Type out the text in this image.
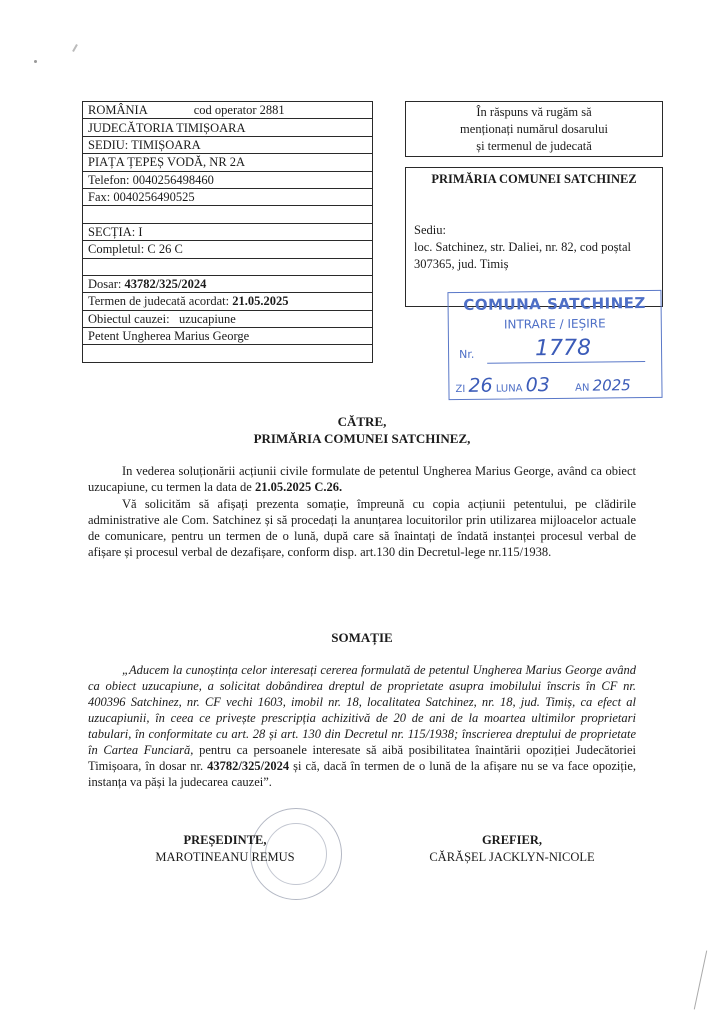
ROMÂNIA	cod operator 2881
JUDECĂTORIA TIMIȘOARA
SEDIU: TIMIȘOARA
PIAȚA ȚEPEȘ VODĂ, NR 2A
Telefon: 0040256498460
Fax: 0040256490525

SECȚIA: I
Completul: C 26 C

Dosar: 43782/325/2024
Termen de judecată acordat: 21.05.2025
Obiectul cauzei: uzucapiune
Petent Ungherea Marius George

În răspuns vă rugăm să
menționați numărul dosarului
și termenul de judecată
PRIMĂRIA COMUNEI SATCHINEZ
Sediu:
loc. Satchinez, str. Daliei, nr. 82, cod poștal
307365, jud. Timiș
COMUNA SATCHINEZ
INTRARE / IEȘIRE
Nr.	1778
ZI 26 LUNA 03	AN 2025
CĂTRE,
PRIMĂRIA COMUNEI SATCHINEZ,
In vederea soluționării acțiunii civile formulate de petentul Ungherea Marius George, având ca obiect uzucapiune, cu termen la data de 21.05.2025 C.26.
Vă solicităm să afișați prezenta somație, împreună cu copia acțiunii petentului, pe clădirile administrative ale Com. Satchinez și să procedați la anunțarea locuitorilor prin utilizarea mijloacelor actuale de comunicare, pentru un termen de o lună, după care să înaintați de îndată instanței procesul verbal de afișare și procesul verbal de dezafișare, conform disp. art.130 din Decretul-lege nr.115/1938.
SOMAȚIE
„Aducem la cunoștința celor interesați cererea formulată de petentul Ungherea Marius George având ca obiect uzucapiune, a solicitat dobândirea dreptul de proprietate asupra imobilului înscris în CF nr. 400396 Satchinez, nr. CF vechi 1603, imobil nr. 18, localitatea Satchinez, nr. 18, jud. Timiș, ca efect al uzucapiunii, în ceea ce privește prescripția achizitivă de 20 de ani de la moartea ultimilor proprietari tabulari, în conformitate cu art. 28 și art. 130 din Decretul nr. 115/1938; înscrierea dreptului de proprietate în Cartea Funciară, pentru ca persoanele interesate să aibă posibilitatea înaintării opoziției Judecătoriei Timișoara, în dosar nr. 43782/325/2024 și că, dacă în termen de o lună de la afișare nu se va face opoziție, instanța va păși la judecarea cauzei”.
PREȘEDINTE,
MAROTINEANU REMUS
GREFIER,
CĂRĂȘEL JACKLYN-NICOLE
